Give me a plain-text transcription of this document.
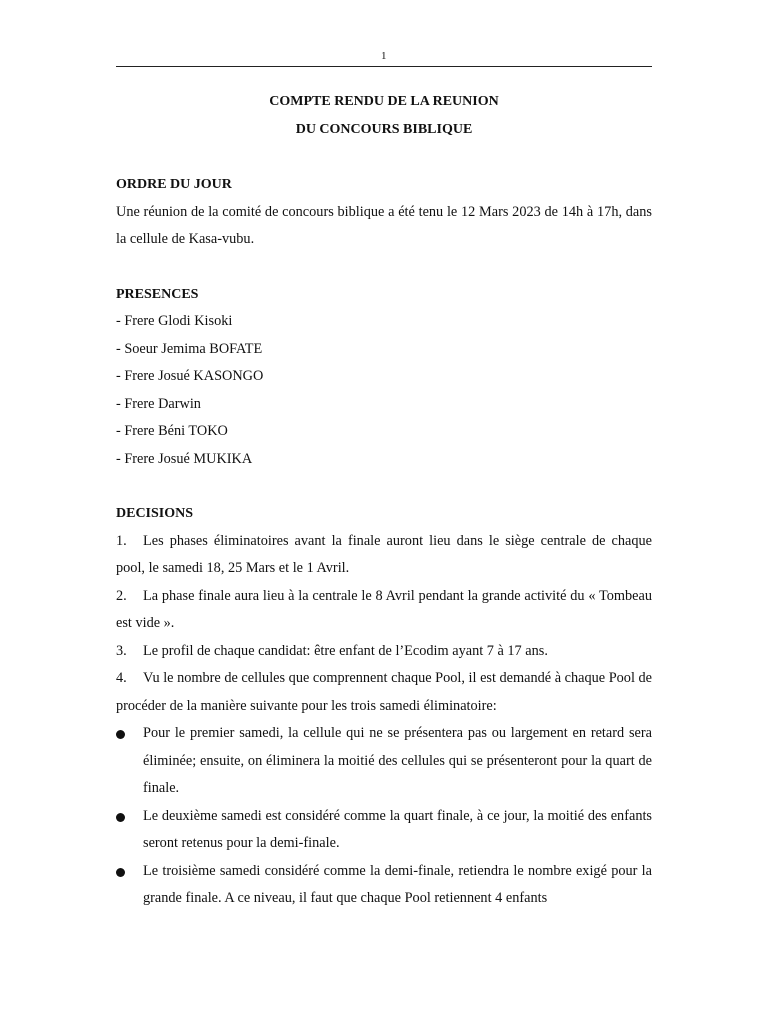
1

COMPTE RENDU DE LA REUNION

DU CONCOURS BIBLIQUE

ORDRE DU JOUR

Une réunion de la comité de concours biblique a été tenu le 12 Mars 2023 de 14h à 17h, dans la cellule de Kasa-vubu.

PRESENCES

- Frere Glodi Kisoki

- Soeur Jemima BOFATE

- Frere Josué KASONGO

- Frere Darwin

- Frere Béni TOKO

- Frere Josué MUKIKA

DECISIONS

1. Les phases éliminatoires avant la finale auront lieu dans le siège centrale de chaque pool, le samedi 18, 25 Mars et le 1 Avril.

2. La phase finale aura lieu à la centrale le 8 Avril pendant la grande activité du « Tombeau est vide ».

3. Le profil de chaque candidat: être enfant de l’Ecodim ayant 7 à 17 ans.

4. Vu le nombre de cellules que comprennent chaque Pool, il est demandé à chaque Pool de procéder de la manière suivante pour les trois samedi éliminatoire:

Pour le premier samedi, la cellule qui ne se présentera pas ou largement en retard sera éliminée; ensuite, on éliminera la moitié des cellules qui se présenteront pour la quart de finale.

Le deuxième samedi est considéré comme la quart finale, à ce jour, la moitié des enfants seront retenus pour la demi-finale.

Le troisième samedi considéré comme la demi-finale, retiendra le nombre exigé pour la grande finale. A ce niveau, il faut que chaque Pool retiennent 4 enfants
